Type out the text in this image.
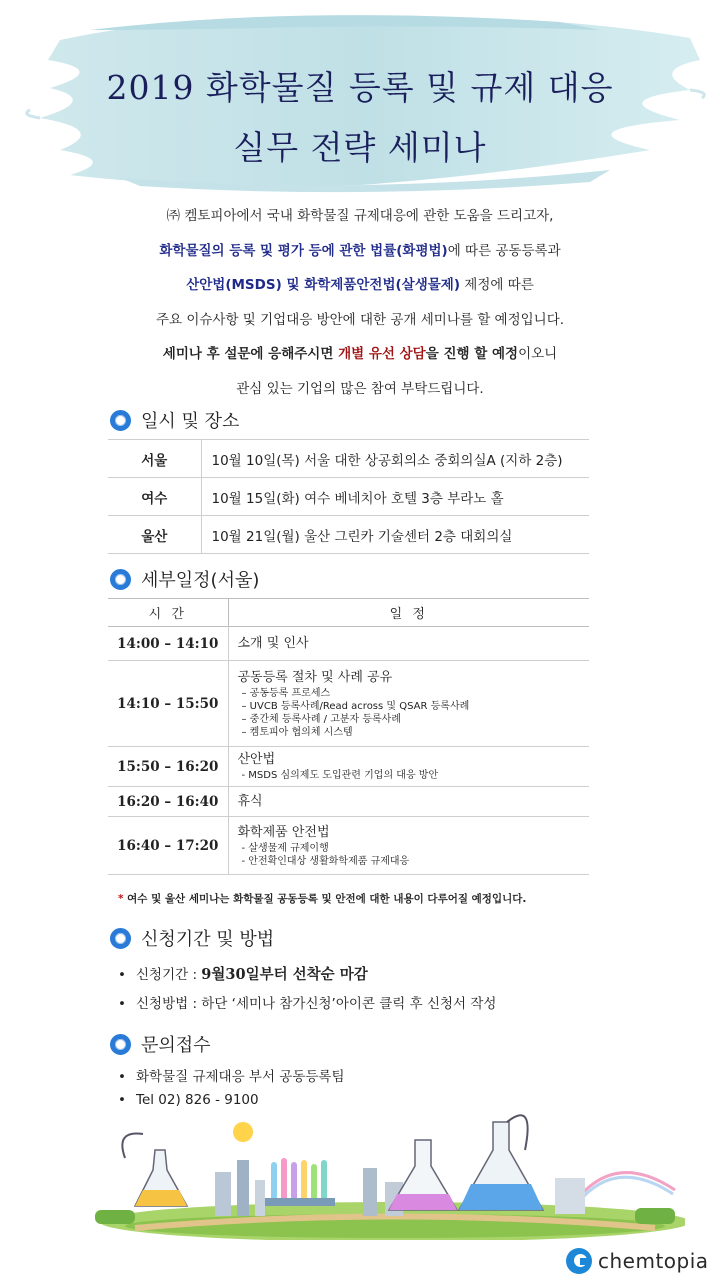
2019 화학물질 등록 및 규제 대응
실무 전략 세미나

㈜ 켐토피아에서 국내 화학물질 규제대응에 관한 도움을 드리고자,

화학물질의 등록 및 평가 등에 관한 법률(화평법)에 따른 공동등록과

산안법(MSDS) 및 화학제품안전법(살생물제) 제정에 따른

주요 이슈사항 및 기업대응 방안에 대한 공개 세미나를 할 예정입니다.

세미나 후 설문에 응해주시면 개별 유선 상담을 진행 할 예정이오니

관심 있는 기업의 많은 참여 부탁드립니다.

일시 및 장소
서울	10월 10일(목) 서울 대한 상공회의소 중회의실A (지하 2층)
여수	10월 15일(화) 여수 베네치아 호텔 3층 부라노 홀
울산	10월 21일(월) 울산 그린카 기술센터 2층 대회의실
세부일정(서울)
시 간	일 정
14:00 – 14:10	소개 및 인사

14:10 – 15:50	공동등록 절차 및 사례 공유
– 공동등록 프로세스
– UVCB 등록사례/Read across 및 QSAR 등록사례
– 중간체 등록사례 / 고분자 등록사례
– 켐토피아 협의체 시스템

15:50 – 16:20	산안법
- MSDS 심의제도 도입관련 기업의 대응 방안

16:20 – 16:40	휴식

16:40 – 17:20	화학제품 안전법
- 살생물제 규제이행
- 안전확인대상 생활화학제품 규제대응
* 여수 및 울산 세미나는 화학물질 공동등록 및 안전에 대한 내용이 다루어질 예정입니다.
신청기간 및 방법
• 신청기간 : 9월30일부터 선착순 마감
• 신청방법 : 하단 ‘세미나 참가신청’아이콘 클릭 후 신청서 작성
문의접수
• 화학물질 규제대응 부서 공동등록팀
• Tel 02) 826 - 9100
chemtopia
